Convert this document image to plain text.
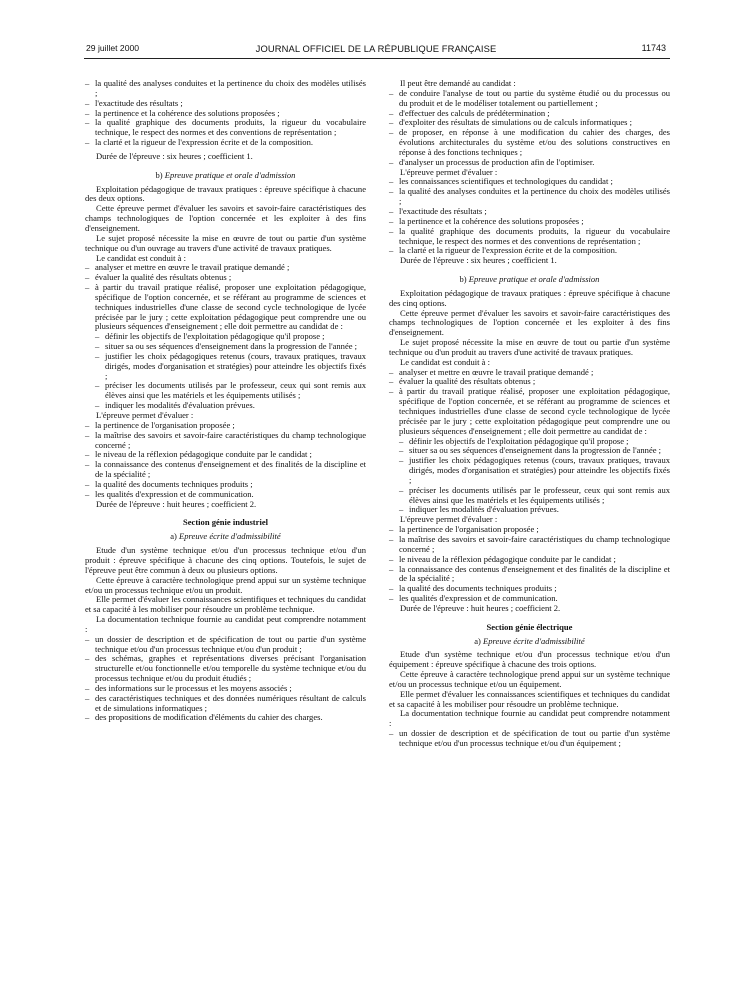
29 juillet 2000	JOURNAL OFFICIEL DE LA RÉPUBLIQUE FRANÇAISE	11743
– la qualité des analyses conduites et la pertinence du choix des modèles utilisés ;
– l'exactitude des résultats ;
– la pertinence et la cohérence des solutions proposées ;
– la qualité graphique des documents produits, la rigueur du vocabulaire technique, le respect des normes et des conventions de représentation ;
– la clarté et la rigueur de l'expression écrite et de la composition.
Durée de l'épreuve : six heures ; coefficient 1.
b) Epreuve pratique et orale d'admission
Exploitation pédagogique de travaux pratiques : épreuve spécifique à chacune des deux options.
Cette épreuve permet d'évaluer les savoirs et savoir-faire caractéristiques des champs technologiques de l'option concernée et les exploiter à des fins d'enseignement.
Le sujet proposé nécessite la mise en œuvre de tout ou partie d'un système technique ou d'un ouvrage au travers d'une activité de travaux pratiques.
Le candidat est conduit à :
– analyser et mettre en œuvre le travail pratique demandé ;
– évaluer la qualité des résultats obtenus ;
– à partir du travail pratique réalisé, proposer une exploitation pédagogique, spécifique de l'option concernée, et se référant au programme de sciences et techniques industrielles d'une classe de second cycle technologique de lycée précisée par le jury ; cette exploitation pédagogique peut comprendre une ou plusieurs séquences d'enseignement ; elle doit permettre au candidat de :
– définir les objectifs de l'exploitation pédagogique qu'il propose ;
– situer sa ou ses séquences d'enseignement dans la progression de l'année ;
– justifier les choix pédagogiques retenus (cours, travaux pratiques, travaux dirigés, modes d'organisation et stratégies) pour atteindre les objectifs fixés ;
– préciser les documents utilisés par le professeur, ceux qui sont remis aux élèves ainsi que les matériels et les équipements utilisés ;
– indiquer les modalités d'évaluation prévues.
L'épreuve permet d'évaluer :
– la pertinence de l'organisation proposée ;
– la maîtrise des savoirs et savoir-faire caractéristiques du champ technologique concerné ;
– le niveau de la réflexion pédagogique conduite par le candidat ;
– la connaissance des contenus d'enseignement et des finalités de la discipline et de la spécialité ;
– la qualité des documents techniques produits ;
– les qualités d'expression et de communication.
Durée de l'épreuve : huit heures ; coefficient 2.
Section génie industriel
a) Epreuve écrite d'admissibilité
Etude d'un système technique et/ou d'un processus technique et/ou d'un produit : épreuve spécifique à chacune des cinq options. Toutefois, le sujet de l'épreuve peut être commun à deux ou plusieurs options.
Cette épreuve à caractère technologique prend appui sur un système technique et/ou un processus technique et/ou un produit.
Elle permet d'évaluer les connaissances scientifiques et techniques du candidat et sa capacité à les mobiliser pour résoudre un problème technique.
La documentation technique fournie au candidat peut comprendre notamment :
– un dossier de description et de spécification de tout ou partie d'un système technique et/ou d'un processus technique et/ou d'un produit ;
– des schémas, graphes et représentations diverses précisant l'organisation structurelle et/ou fonctionnelle et/ou temporelle du système technique et/ou du processus technique et/ou du produit étudiés ;
– des informations sur le processus et les moyens associés ;
– des caractéristiques techniques et des données numériques résultant de calculs et de simulations informatiques ;
– des propositions de modification d'éléments du cahier des charges.
Il peut être demandé au candidat :
– de conduire l'analyse de tout ou partie du système étudié ou du processus ou du produit et de le modéliser totalement ou partiellement ;
– d'effectuer des calculs de prédétermination ;
– d'exploiter des résultats de simulations ou de calculs informatiques ;
– de proposer, en réponse à une modification du cahier des charges, des évolutions architecturales du système et/ou des solutions constructives en réponse à des fonctions techniques ;
– d'analyser un processus de production afin de l'optimiser.
L'épreuve permet d'évaluer :
– les connaissances scientifiques et technologiques du candidat ;
– la qualité des analyses conduites et la pertinence du choix des modèles utilisés ;
– l'exactitude des résultats ;
– la pertinence et la cohérence des solutions proposées ;
– la qualité graphique des documents produits, la rigueur du vocabulaire technique, le respect des normes et des conventions de représentation ;
– la clarté et la rigueur de l'expression écrite et de la composition.
Durée de l'épreuve : six heures ; coefficient 1.
b) Epreuve pratique et orale d'admission
Exploitation pédagogique de travaux pratiques : épreuve spécifique à chacune des cinq options.
Cette épreuve permet d'évaluer les savoirs et savoir-faire caractéristiques des champs technologiques de l'option concernée et les exploiter à des fins d'enseignement.
Le sujet proposé nécessite la mise en œuvre de tout ou partie d'un système technique ou d'un produit au travers d'une activité de travaux pratiques.
Le candidat est conduit à :
– analyser et mettre en œuvre le travail pratique demandé ;
– évaluer la qualité des résultats obtenus ;
– à partir du travail pratique réalisé, proposer une exploitation pédagogique, spécifique de l'option concernée, et se référant au programme de sciences et techniques industrielles d'une classe de second cycle technologique de lycée précisée par le jury ; cette exploitation pédagogique peut comprendre une ou plusieurs séquences d'enseignement ; elle doit permettre au candidat de :
– définir les objectifs de l'exploitation pédagogique qu'il propose ;
– situer sa ou ses séquences d'enseignement dans la progression de l'année ;
– justifier les choix pédagogiques retenus (cours, travaux pratiques, travaux dirigés, modes d'organisation et stratégies) pour atteindre les objectifs fixés ;
– préciser les documents utilisés par le professeur, ceux qui sont remis aux élèves ainsi que les matériels et les équipements utilisés ;
– indiquer les modalités d'évaluation prévues.
L'épreuve permet d'évaluer :
– la pertinence de l'organisation proposée ;
– la maîtrise des savoirs et savoir-faire caractéristiques du champ technologique concerné ;
– le niveau de la réflexion pédagogique conduite par le candidat ;
– la connaissance des contenus d'enseignement et des finalités de la discipline et de la spécialité ;
– la qualité des documents techniques produits ;
– les qualités d'expression et de communication.
Durée de l'épreuve : huit heures ; coefficient 2.
Section génie électrique
a) Epreuve écrite d'admissibilité
Etude d'un système technique et/ou d'un processus technique et/ou d'un équipement : épreuve spécifique à chacune des trois options.
Cette épreuve à caractère technologique prend appui sur un système technique et/ou un processus technique et/ou un équipement.
Elle permet d'évaluer les connaissances scientifiques et techniques du candidat et sa capacité à les mobiliser pour résoudre un problème technique.
La documentation technique fournie au candidat peut comprendre notamment :
– un dossier de description et de spécification de tout ou partie d'un système technique et/ou d'un processus technique et/ou d'un équipement ;
